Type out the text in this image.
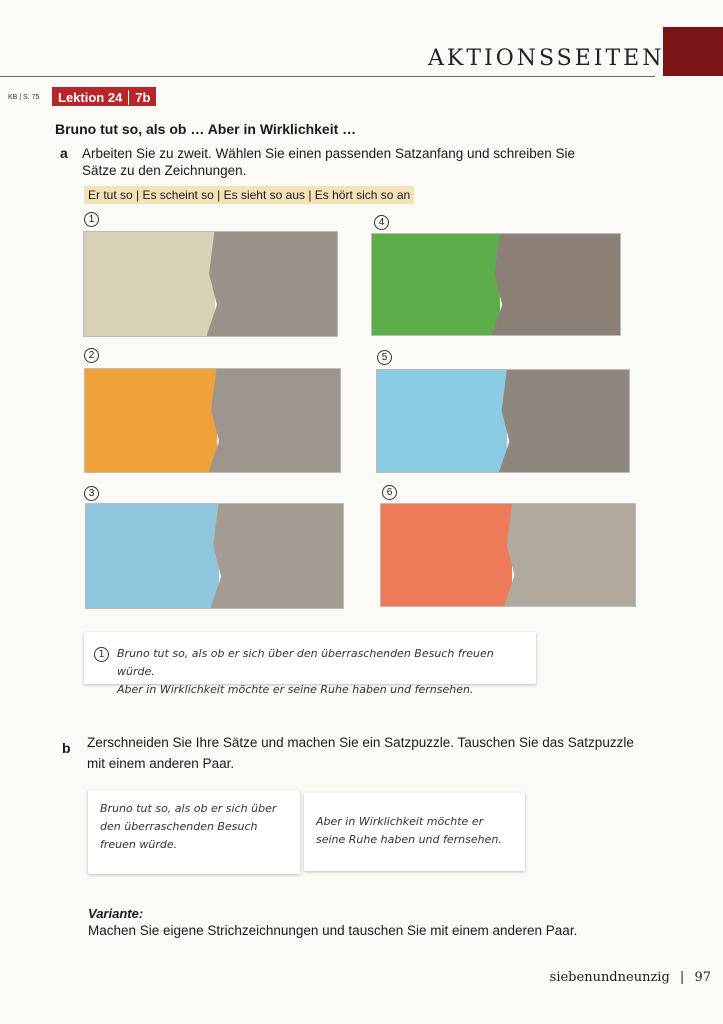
AKTIONSSEITEN
KB | S. 75	Lektion 24	7b
Bruno tut so, als ob … Aber in Wirklichkeit …
a Arbeiten Sie zu zweit. Wählen Sie einen passenden Satzanfang und schreiben Sie
Sätze zu den Zeichnungen.
Er tut so | Es scheint so | Es sieht so aus | Es hört sich so an
1
2
3
4
5
6
1	Bruno tut so, als ob er sich über den überraschenden Besuch freuen würde.
Aber in Wirklichkeit möchte er seine Ruhe haben und fernsehen.
b Zerschneiden Sie Ihre Sätze und machen Sie ein Satzpuzzle. Tauschen Sie das Satzpuzzle
mit einem anderen Paar.
Bruno tut so, als ob er sich über
den überraschenden Besuch
freuen würde.
Aber in Wirklichkeit möchte er
seine Ruhe haben und fernsehen.
Variante:
Machen Sie eigene Strichzeichnungen und tauschen Sie mit einem anderen Paar.
siebenundneunzig | 97
